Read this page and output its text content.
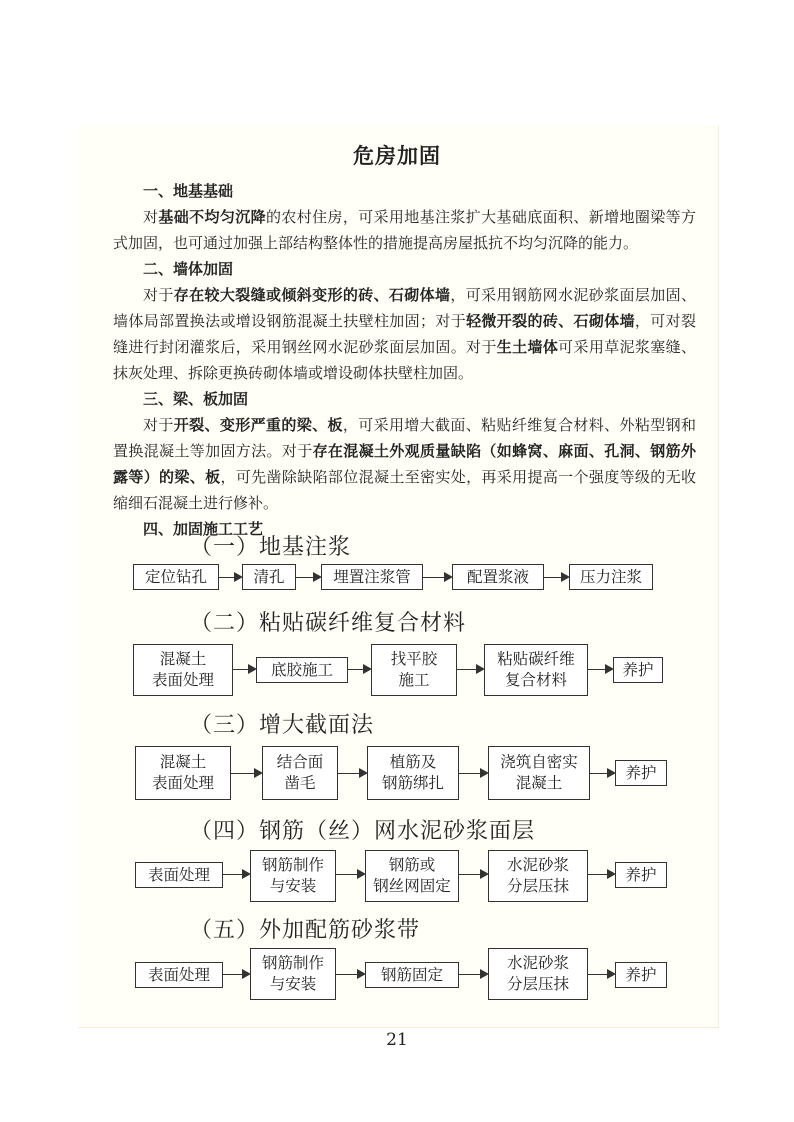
危房加固
一、地基基础
对基础不均匀沉降的农村住房，可采用地基注浆扩大基础底面积、新增地圈梁等方式加固，也可通过加强上部结构整体性的措施提高房屋抵抗不均匀沉降的能力。
二、墙体加固
对于存在较大裂缝或倾斜变形的砖、石砌体墙，可采用钢筋网水泥砂浆面层加固、墙体局部置换法或增设钢筋混凝土扶壁柱加固；对于轻微开裂的砖、石砌体墙，可对裂缝进行封闭灌浆后，采用钢丝网水泥砂浆面层加固。对于生土墙体可采用草泥浆塞缝、抹灰处理、拆除更换砖砌体墙或增设砌体扶壁柱加固。
三、梁、板加固
对于开裂、变形严重的梁、板，可采用增大截面、粘贴纤维复合材料、外粘型钢和置换混凝土等加固方法。对于存在混凝土外观质量缺陷（如蜂窝、麻面、孔洞、钢筋外露等）的梁、板，可先凿除缺陷部位混凝土至密实处，再采用提高一个强度等级的无收缩细石混凝土进行修补。
四、加固施工工艺
（一）地基注浆
定位钻孔	清孔	埋置注浆管	配置浆液	压力注浆
（二）粘贴碳纤维复合材料
混凝土
表面处理
底胶施工
找平胶
施工
粘贴碳纤维
复合材料
养护
（三）增大截面法
混凝土
表面处理
结合面
凿毛
植筋及
钢筋绑扎
浇筑自密实
混凝土
养护
（四）钢筋（丝）网水泥砂浆面层
表面处理
钢筋制作
与安装
钢筋或
钢丝网固定
水泥砂浆
分层压抹
养护
（五）外加配筋砂浆带
表面处理
钢筋制作
与安装
钢筋固定
水泥砂浆
分层压抹
养护
21
